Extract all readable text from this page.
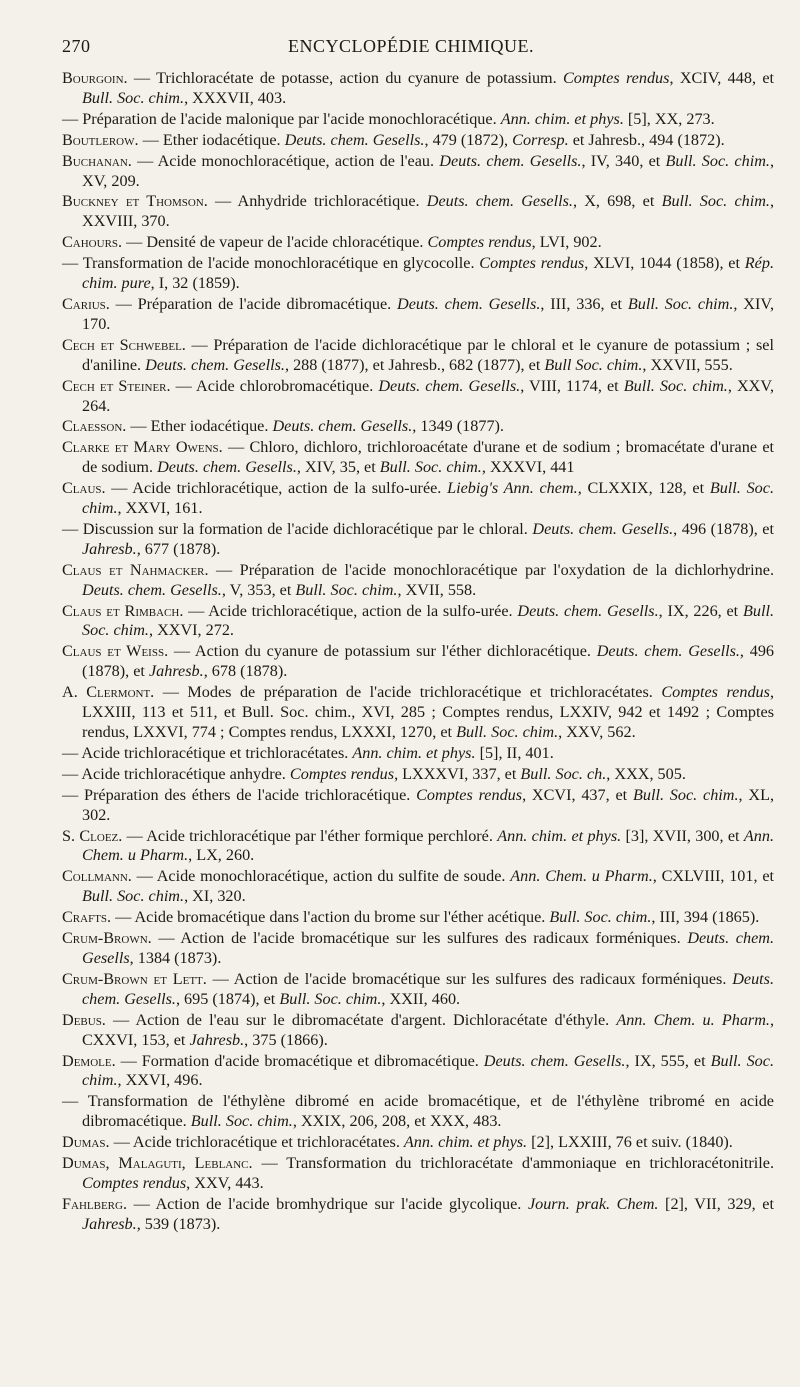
270	ENCYCLOPÉDIE CHIMIQUE.

Bourgoin. — Trichloracétate de potasse, action du cyanure de potassium. Comptes rendus, XCIV, 448, et Bull. Soc. chim., XXXVII, 403.

— Préparation de l'acide malonique par l'acide monochloracétique. Ann. chim. et phys. [5], XX, 273.

Boutlerow. — Ether iodacétique. Deuts. chem. Gesells., 479 (1872), Corresp. et Jahresb., 494 (1872).

Buchanan. — Acide monochloracétique, action de l'eau. Deuts. chem. Gesells., IV, 340, et Bull. Soc. chim., XV, 209.

Buckney et Thomson. — Anhydride trichloracétique. Deuts. chem. Gesells., X, 698, et Bull. Soc. chim., XXVIII, 370.

Cahours. — Densité de vapeur de l'acide chloracétique. Comptes rendus, LVI, 902.

— Transformation de l'acide monochloracétique en glycocolle. Comptes rendus, XLVI, 1044 (1858), et Rép. chim. pure, I, 32 (1859).

Carius. — Préparation de l'acide dibromacétique. Deuts. chem. Gesells., III, 336, et Bull. Soc. chim., XIV, 170.

Cech et Schwebel. — Préparation de l'acide dichloracétique par le chloral et le cyanure de potassium ; sel d'aniline. Deuts. chem. Gesells., 288 (1877), et Jahresb., 682 (1877), et Bull Soc. chim., XXVII, 555.

Cech et Steiner. — Acide chlorobromacétique. Deuts. chem. Gesells., VIII, 1174, et Bull. Soc. chim., XXV, 264.

Claesson. — Ether iodacétique. Deuts. chem. Gesells., 1349 (1877).

Clarke et Mary Owens. — Chloro, dichloro, trichloroacétate d'urane et de sodium ; bromacétate d'urane et de sodium. Deuts. chem. Gesells., XIV, 35, et Bull. Soc. chim., XXXVI, 441

Claus. — Acide trichloracétique, action de la sulfo-urée. Liebig's Ann. chem., CLXXIX, 128, et Bull. Soc. chim., XXVI, 161.

— Discussion sur la formation de l'acide dichloracétique par le chloral. Deuts. chem. Gesells., 496 (1878), et Jahresb., 677 (1878).

Claus et Nahmacker. — Préparation de l'acide monochloracétique par l'oxydation de la dichlorhydrine. Deuts. chem. Gesells., V, 353, et Bull. Soc. chim., XVII, 558.

Claus et Rimbach. — Acide trichloracétique, action de la sulfo-urée. Deuts. chem. Gesells., IX, 226, et Bull. Soc. chim., XXVI, 272.

Claus et Weiss. — Action du cyanure de potassium sur l'éther dichloracétique. Deuts. chem. Gesells., 496 (1878), et Jahresb., 678 (1878).

A. Clermont. — Modes de préparation de l'acide trichloracétique et trichloracétates. Comptes rendus, LXXIII, 113 et 511, et Bull. Soc. chim., XVI, 285 ; Comptes rendus, LXXIV, 942 et 1492 ; Comptes rendus, LXXVI, 774 ; Comptes rendus, LXXXI, 1270, et Bull. Soc. chim., XXV, 562.

— Acide trichloracétique et trichloracétates. Ann. chim. et phys. [5], II, 401.

— Acide trichloracétique anhydre. Comptes rendus, LXXXVI, 337, et Bull. Soc. ch., XXX, 505.

— Préparation des éthers de l'acide trichloracétique. Comptes rendus, XCVI, 437, et Bull. Soc. chim., XL, 302.

S. Cloez. — Acide trichloracétique par l'éther formique perchloré. Ann. chim. et phys. [3], XVII, 300, et Ann. Chem. u Pharm., LX, 260.

Collmann. — Acide monochloracétique, action du sulfite de soude. Ann. Chem. u Pharm., CXLVIII, 101, et Bull. Soc. chim., XI, 320.

Crafts. — Acide bromacétique dans l'action du brome sur l'éther acétique. Bull. Soc. chim., III, 394 (1865).

Crum-Brown. — Action de l'acide bromacétique sur les sulfures des radicaux forméniques. Deuts. chem. Gesells, 1384 (1873).

Crum-Brown et Lett. — Action de l'acide bromacétique sur les sulfures des radicaux forméniques. Deuts. chem. Gesells., 695 (1874), et Bull. Soc. chim., XXII, 460.

Debus. — Action de l'eau sur le dibromacétate d'argent. Dichloracétate d'éthyle. Ann. Chem. u. Pharm., CXXVI, 153, et Jahresb., 375 (1866).

Demole. — Formation d'acide bromacétique et dibromacétique. Deuts. chem. Gesells., IX, 555, et Bull. Soc. chim., XXVI, 496.

— Transformation de l'éthylène dibromé en acide bromacétique, et de l'éthylène tribromé en acide dibromacétique. Bull. Soc. chim., XXIX, 206, 208, et XXX, 483.

Dumas. — Acide trichloracétique et trichloracétates. Ann. chim. et phys. [2], LXXIII, 76 et suiv. (1840).

Dumas, Malaguti, Leblanc. — Transformation du trichloracétate d'ammoniaque en trichloracétonitrile. Comptes rendus, XXV, 443.

Fahlberg. — Action de l'acide bromhydrique sur l'acide glycolique. Journ. prak. Chem. [2], VII, 329, et Jahresb., 539 (1873).
